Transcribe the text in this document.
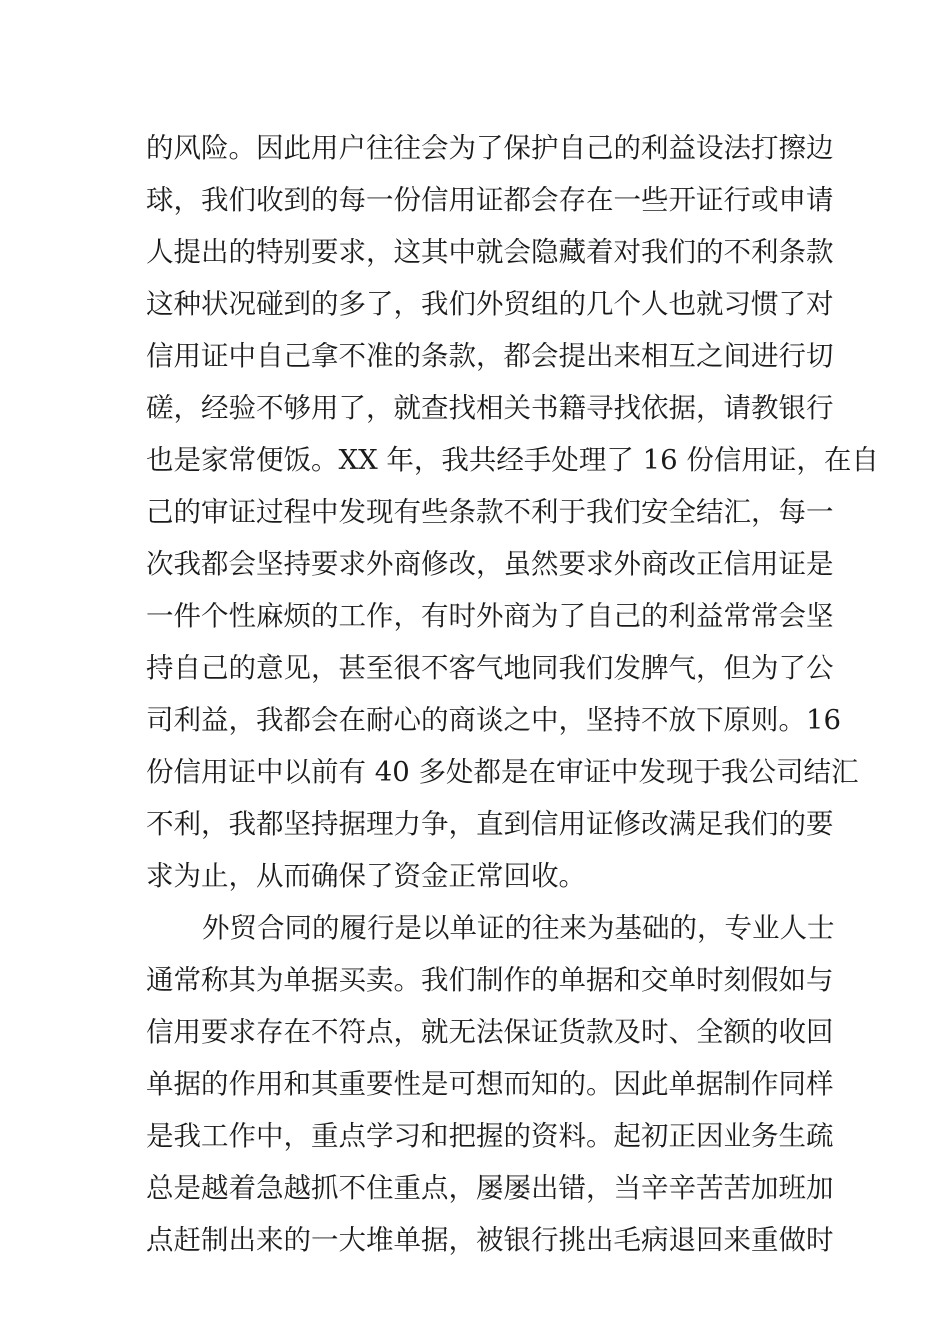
的风险。因此用户往往会为了保护自己的利益设法打擦边
球，我们收到的每一份信用证都会存在一些开证行或申请
人提出的特别要求，这其中就会隐藏着对我们的不利条款
这种状况碰到的多了，我们外贸组的几个人也就习惯了对
信用证中自己拿不准的条款，都会提出来相互之间进行切
磋，经验不够用了，就查找相关书籍寻找依据，请教银行
也是家常便饭。XX 年，我共经手处理了 16 份信用证，在自
己的审证过程中发现有些条款不利于我们安全结汇，每一
次我都会坚持要求外商修改，虽然要求外商改正信用证是
一件个性麻烦的工作，有时外商为了自己的利益常常会坚
持自己的意见，甚至很不客气地同我们发脾气，但为了公
司利益，我都会在耐心的商谈之中，坚持不放下原则。16
份信用证中以前有 40 多处都是在审证中发现于我公司结汇
不利，我都坚持据理力争，直到信用证修改满足我们的要
求为止，从而确保了资金正常回收。
外贸合同的履行是以单证的往来为基础的，专业人士
通常称其为单据买卖。我们制作的单据和交单时刻假如与
信用要求存在不符点，就无法保证货款及时、全额的收回
单据的作用和其重要性是可想而知的。因此单据制作同样
是我工作中，重点学习和把握的资料。起初正因业务生疏
总是越着急越抓不住重点，屡屡出错，当辛辛苦苦加班加
点赶制出来的一大堆单据，被银行挑出毛病退回来重做时
